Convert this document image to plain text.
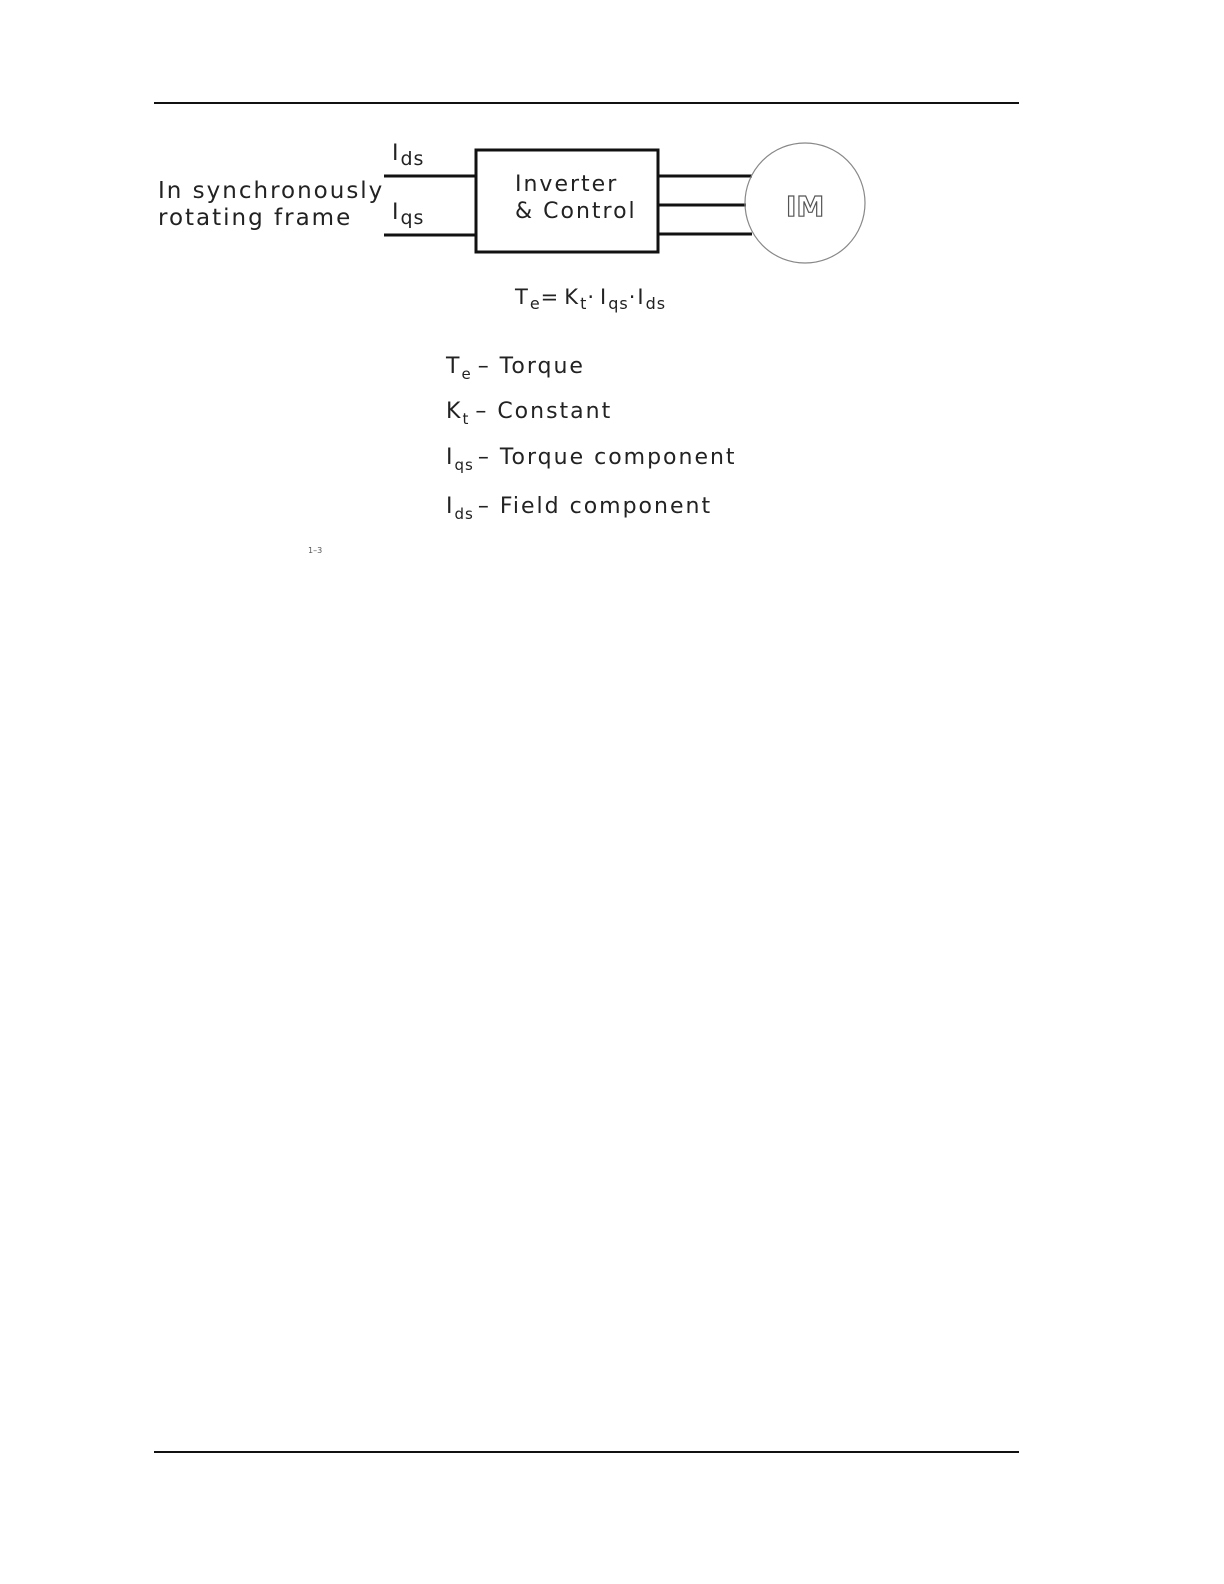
In synchronously
rotating frame
Ids
Iqs
Inverter
& Control	IM
$T_e= K_t\cdot I_{qs}\cdot I_{ds}$
$T_e$ – Torque
$K_t$ – Constant
$I_{qs}$ – Torque component
$I_{ds}$ – Field component
1–3
